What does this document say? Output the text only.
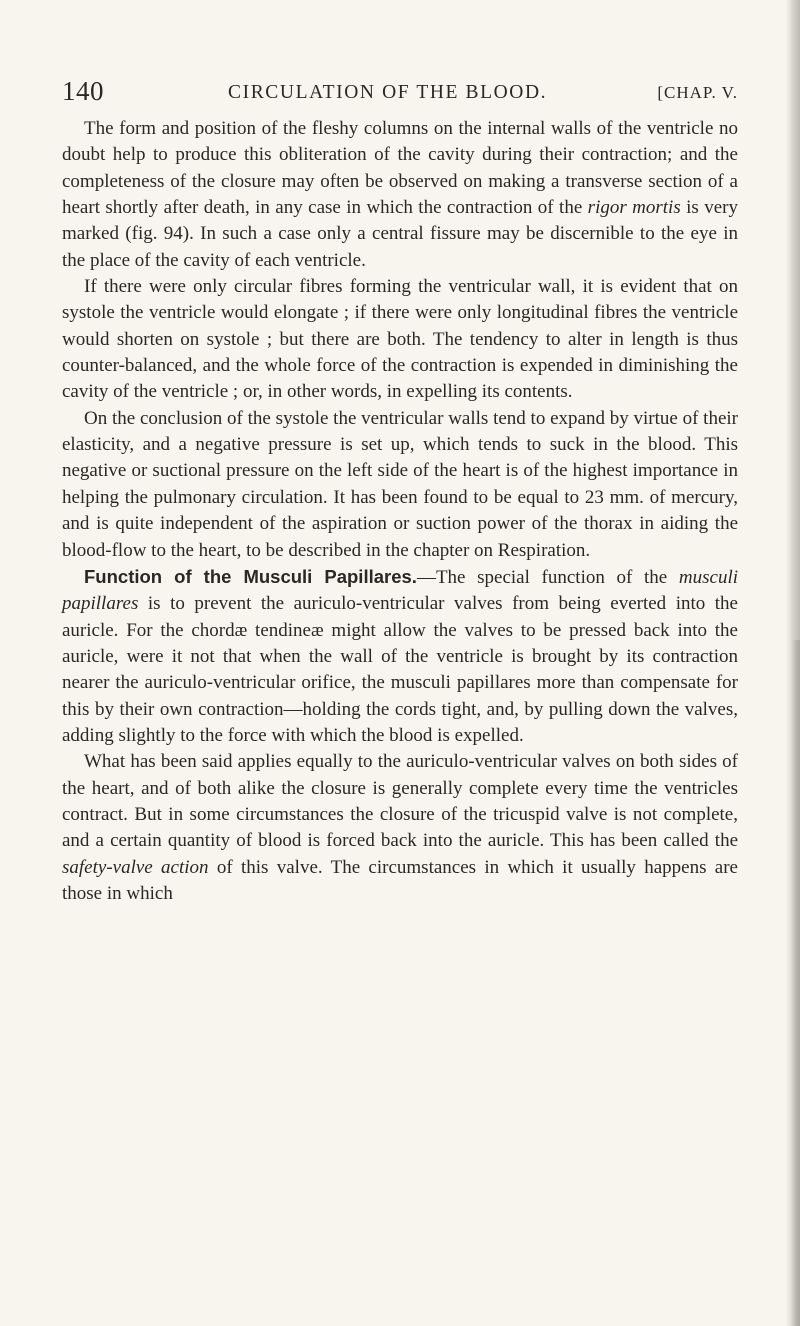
140	CIRCULATION OF THE BLOOD.	[CHAP. V.

The form and position of the fleshy columns on the internal walls of the ventricle no doubt help to produce this obliteration of the cavity during their contraction; and the completeness of the closure may often be observed on making a transverse section of a heart shortly after death, in any case in which the contraction of the rigor mortis is very marked (fig. 94). In such a case only a central fissure may be discernible to the eye in the place of the cavity of each ventricle.

If there were only circular fibres forming the ventricular wall, it is evident that on systole the ventricle would elongate ; if there were only longitudinal fibres the ventricle would shorten on systole ; but there are both. The tendency to alter in length is thus counter-balanced, and the whole force of the contraction is expended in diminishing the cavity of the ventricle ; or, in other words, in expelling its contents.

On the conclusion of the systole the ventricular walls tend to expand by virtue of their elasticity, and a negative pressure is set up, which tends to suck in the blood. This negative or suctional pressure on the left side of the heart is of the highest importance in helping the pulmonary circulation. It has been found to be equal to 23 mm. of mercury, and is quite independent of the aspiration or suction power of the thorax in aiding the blood-flow to the heart, to be described in the chapter on Respiration.

Function of the Musculi Papillares.—The special function of the musculi papillares is to prevent the auriculo-ventricular valves from being everted into the auricle. For the chordæ tendineæ might allow the valves to be pressed back into the auricle, were it not that when the wall of the ventricle is brought by its contraction nearer the auriculo-ventricular orifice, the musculi papillares more than compensate for this by their own contraction—holding the cords tight, and, by pulling down the valves, adding slightly to the force with which the blood is expelled.

What has been said applies equally to the auriculo-ventricular valves on both sides of the heart, and of both alike the closure is generally complete every time the ventricles contract. But in some circumstances the closure of the tricuspid valve is not complete, and a certain quantity of blood is forced back into the auricle. This has been called the safety-valve action of this valve. The circumstances in which it usually happens are those in which
